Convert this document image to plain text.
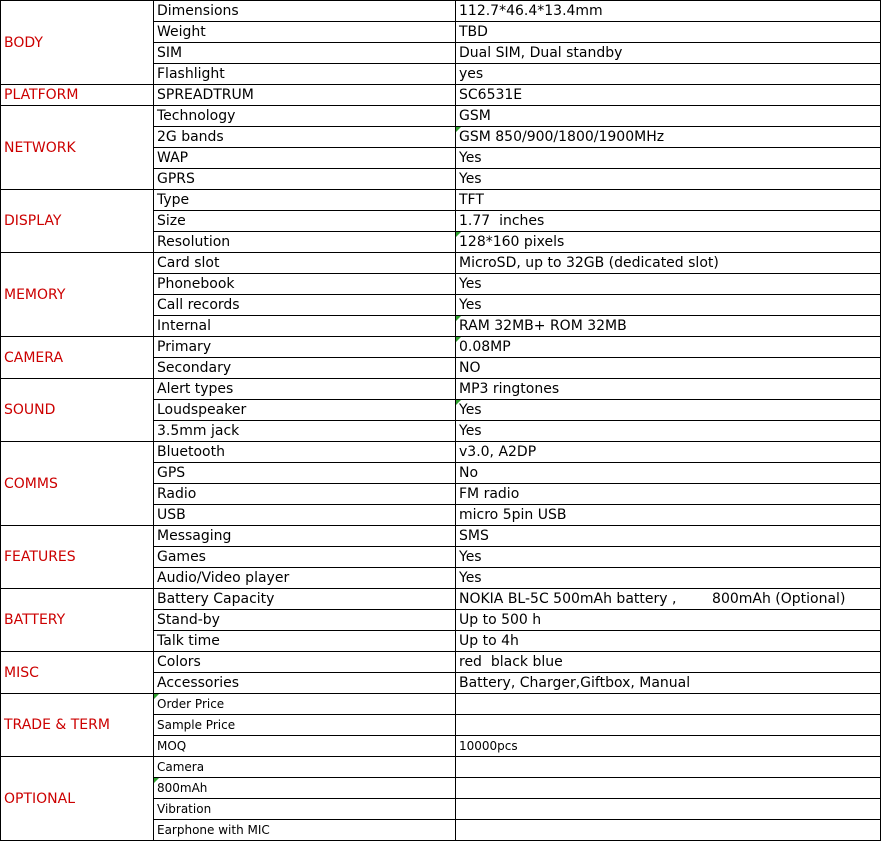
BODY	Dimensions	112.7*46.4*13.4mm
	Weight	TBD
	SIM	Dual SIM, Dual standby
	Flashlight	yes
PLATFORM	SPREADTRUM	SC6531E
NETWORK	Technology	GSM
	2G bands	GSM 850/900/1800/1900MHz
	WAP	Yes
	GPRS	Yes
DISPLAY	Type	TFT
	Size	1.77  inches
	Resolution	128*160 pixels
MEMORY	Card slot	MicroSD, up to 32GB (dedicated slot)
	Phonebook	Yes
	Call records	Yes
	Internal	RAM 32MB+ ROM 32MB
CAMERA	Primary	0.08MP
	Secondary	NO
SOUND	Alert types	MP3 ringtones
	Loudspeaker	Yes
	3.5mm jack	Yes
COMMS	Bluetooth	v3.0, A2DP
	GPS	No
	Radio	FM radio
	USB	micro 5pin USB
FEATURES	Messaging	SMS
	Games	Yes
	Audio/Video player	Yes
BATTERY	Battery Capacity	NOKIA BL-5C 500mAh battery ,        800mAh (Optional)
	Stand-by	Up to 500 h
	Talk time	Up to 4h
MISC	Colors	red  black blue
	Accessories	Battery, Charger,Giftbox, Manual
TRADE & TERM	Order Price	
	Sample Price	
	MOQ	10000pcs
OPTIONAL	Camera	
	800mAh	
	Vibration	
	Earphone with MIC	
